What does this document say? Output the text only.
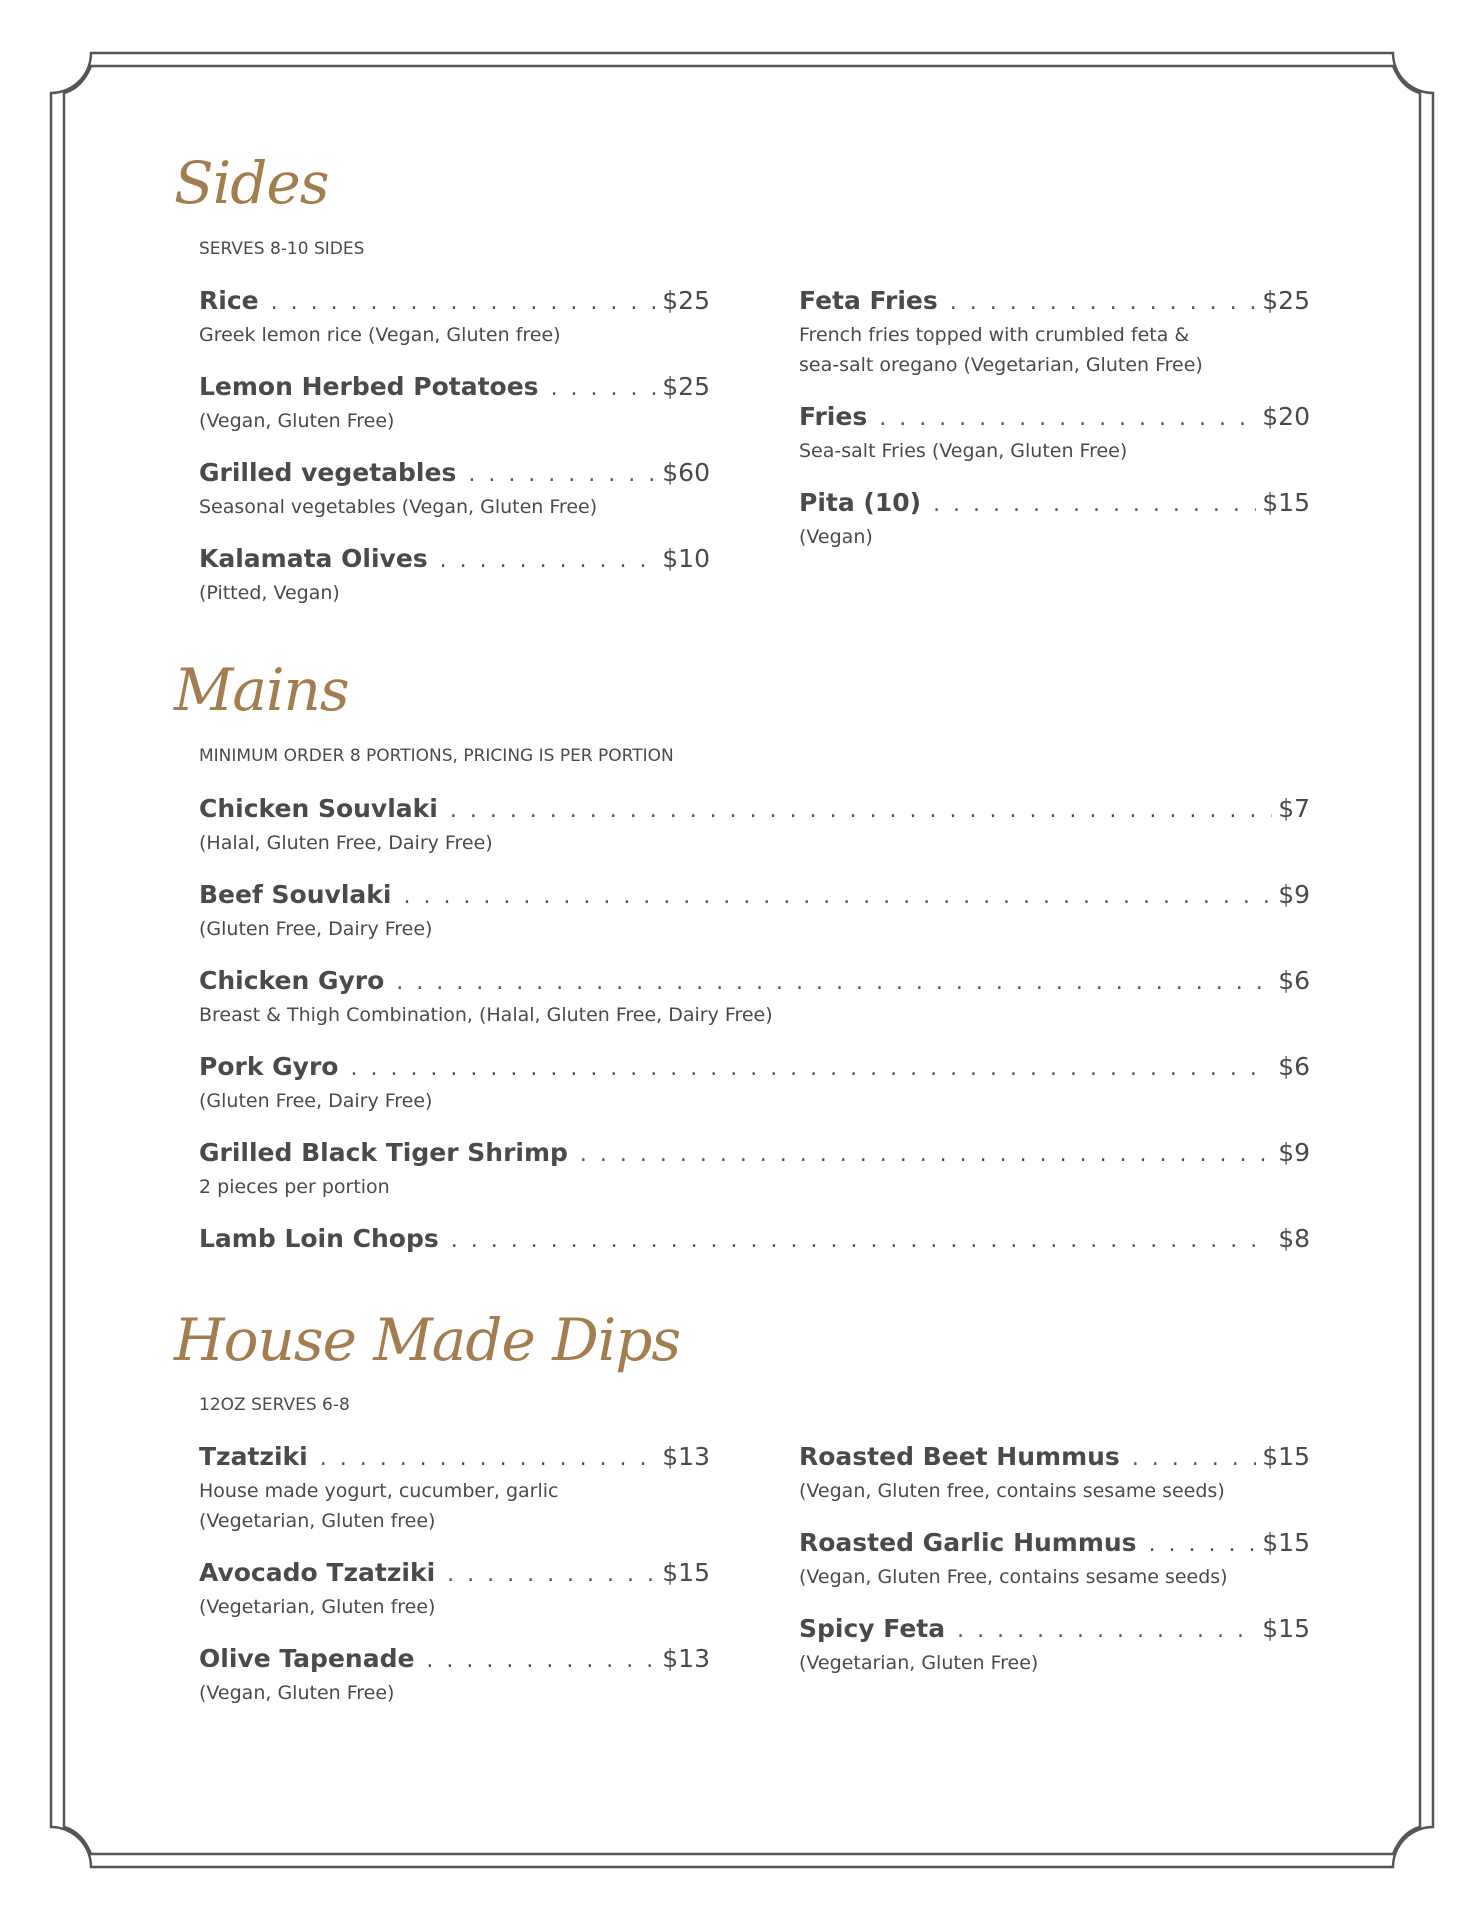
Sides

SERVES 8-10 SIDES

Rice . . .	$25

Greek lemon rice (Vegan, Gluten free)

Lemon Herbed Potatoes . . .	$25

(Vegan, Gluten Free)

Grilled vegetables . . .	$60

Seasonal vegetables (Vegan, Gluten Free)

Kalamata Olives . . .	$10

(Pitted, Vegan)

Feta Fries . . .	$25

French fries topped with crumbled feta &

sea-salt oregano (Vegetarian, Gluten Free)

Fries . . .	$20

Sea-salt Fries (Vegan, Gluten Free)

Pita (10) . . .	$15

(Vegan)

Mains

MINIMUM ORDER 8 PORTIONS, PRICING IS PER PORTION

Chicken Souvlaki . . .	$7

(Halal, Gluten Free, Dairy Free)

Beef Souvlaki . . .	$9

(Gluten Free, Dairy Free)

Chicken Gyro . . .	$6

Breast & Thigh Combination, (Halal, Gluten Free, Dairy Free)

Pork Gyro . . .	$6

(Gluten Free, Dairy Free)

Grilled Black Tiger Shrimp . . .	$9

2 pieces per portion

Lamb Loin Chops . . .	$8
House Made Dips

12OZ SERVES 6-8

Tzatziki . . .	$13

House made yogurt, cucumber, garlic

(Vegetarian, Gluten free)

Avocado Tzatziki . . .	$15

(Vegetarian, Gluten free)

Olive Tapenade . . .	$13

(Vegan, Gluten Free)

Roasted Beet Hummus . . .	$15

(Vegan, Gluten free, contains sesame seeds)

Roasted Garlic Hummus . . .	$15

(Vegan, Gluten Free, contains sesame seeds)

Spicy Feta . . .	$15

(Vegetarian, Gluten Free)
